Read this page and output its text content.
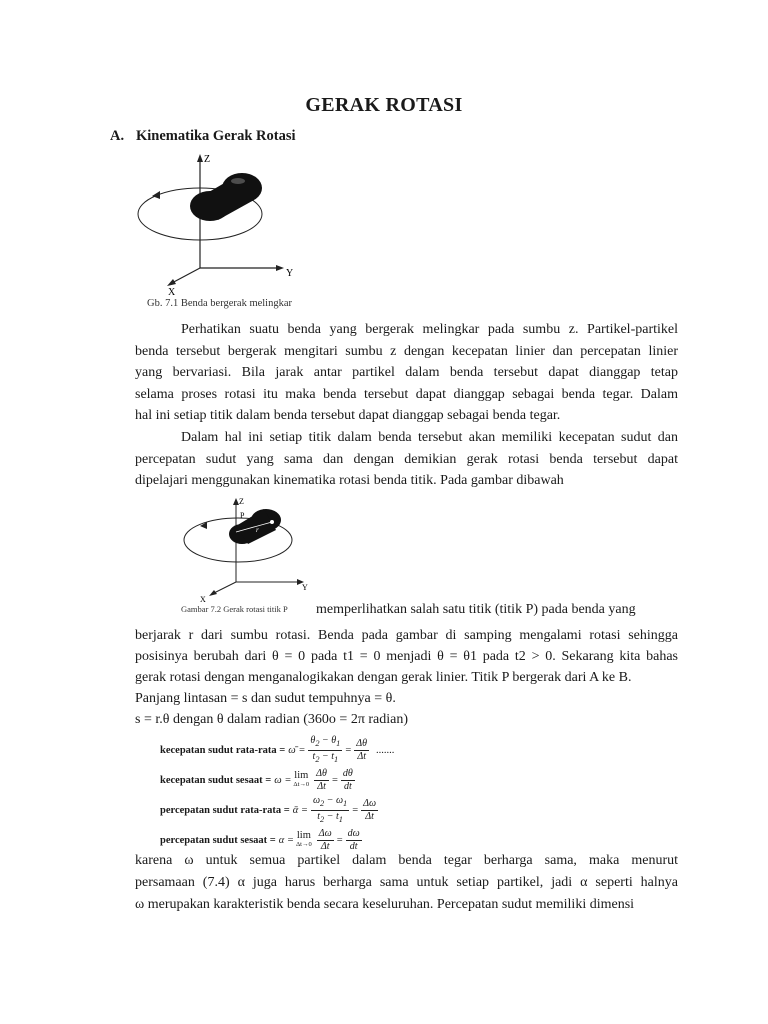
GERAK ROTASI
A. Kinematika Gerak Rotasi
Z
Y
X
Gb. 7.1 Benda bergerak melingkar
Perhatikan suatu benda yang bergerak melingkar pada sumbu z. Partikel-partikel
benda tersebut bergerak mengitari sumbu z dengan kecepatan linier dan percepatan linier
yang bervariasi. Bila jarak antar partikel dalam benda tersebut dapat dianggap tetap
selama proses rotasi itu maka benda tersebut dapat dianggap sebagai benda tegar. Dalam
hal ini setiap titik dalam benda tersebut dapat dianggap sebagai benda tegar.
Dalam hal ini setiap titik dalam benda tersebut akan memiliki kecepatan sudut dan
percepatan sudut yang sama dan dengan demikian gerak rotasi benda tersebut dapat
dipelajari menggunakan kinematika rotasi benda titik. Pada gambar dibawah
P
P
r
Z
Y
X
Gambar 7.2 Gerak rotasi titik P memperlihatkan salah satu titik (titik P) pada benda yang
berjarak r dari sumbu rotasi. Benda pada gambar di samping mengalami rotasi sehingga
posisinya berubah dari θ = 0 pada t1 = 0 menjadi θ = θ1 pada t2 > 0. Sekarang kita bahas
gerak rotasi dengan menganalogikakan dengan gerak linier. Titik P bergerak dari A ke B.
Panjang lintasan = s dan sudut tempuhnya = θ.
s = r.θ dengan θ dalam radian (360o = 2π radian)
kecepatan sudut rata-rata = ω̄ = $\frac{\theta_2 - \theta_1}{t_2 - t_1} = \frac{\Delta\theta}{\Delta t}$ .......
kecepatan sudut sesaat = ω = lim
$\Delta t\to 0 \frac{\Delta\theta}{\Delta t} = \frac{d\theta}{dt}$
percepatan sudut rata-rata = ᾱ = $\frac{\omega_2 - \omega_1}{t_2 - t_1} = \frac{\Delta\omega}{\Delta t}$
percepatan sudut sesaat = α = lim
$\Delta t\to 0 \frac{\Delta\omega}{\Delta t} = \frac{d\omega}{dt}$
karena ω untuk semua partikel dalam benda tegar berharga sama, maka menurut
persamaan (7.4) α juga harus berharga sama untuk setiap partikel, jadi α seperti halnya
ω merupakan karakteristik benda secara keseluruhan. Percepatan sudut memiliki dimensi
